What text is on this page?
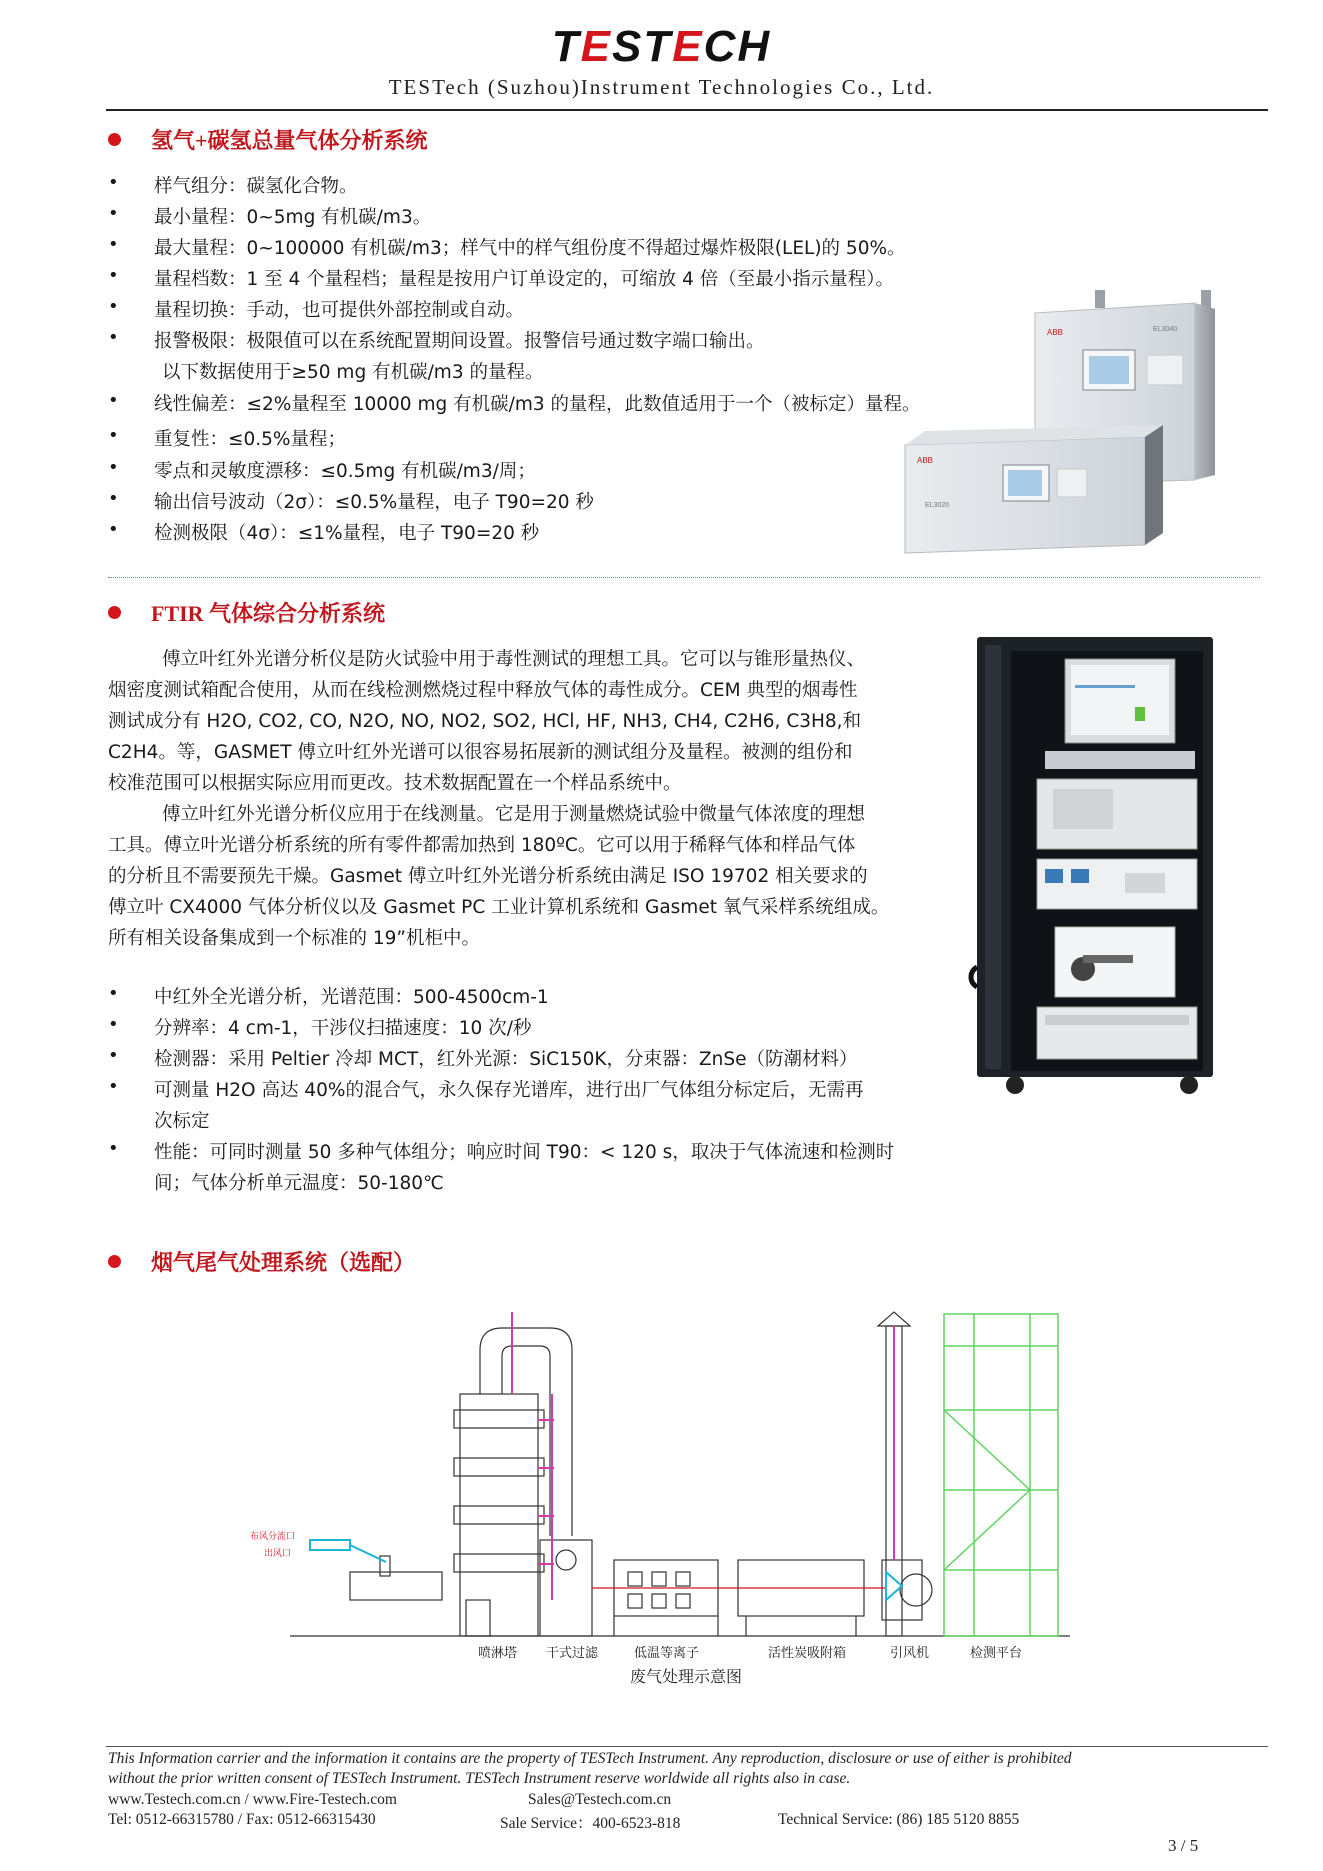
TESTECH
TESTech (Suzhou)Instrument Technologies Co., Ltd.
氢气+碳氢总量气体分析系统
• 样气组分：碳氢化合物。
• 最小量程：0~5mg 有机碳/m3。
• 最大量程：0~100000 有机碳/m3；样气中的样气组份度不得超过爆炸极限(LEL)的 50%。
• 量程档数：1 至 4 个量程档；量程是按用户订单设定的，可缩放 4 倍（至最小指示量程）。
• 量程切换：手动，也可提供外部控制或自动。
• 报警极限：极限值可以在系统配置期间设置。报警信号通过数字端口输出。
以下数据使用于≥50 mg 有机碳/m3 的量程。
• 线性偏差：≤2%量程至 10000 mg 有机碳/m3 的量程，此数值适用于一个（被标定）量程。
• 重复性：≤0.5%量程；
• 零点和灵敏度漂移：≤0.5mg 有机碳/m3/周；
• 输出信号波动（2σ）：≤0.5%量程，电子 T90=20 秒
• 检测极限（4σ）：≤1%量程，电子 T90=20 秒
ABB	EL3040
ABB
EL3020
FTIR 气体综合分析系统
傅立叶红外光谱分析仪是防火试验中用于毒性测试的理想工具。它可以与锥形量热仪、
烟密度测试箱配合使用，从而在线检测燃烧过程中释放气体的毒性成分。CEM 典型的烟毒性
测试成分有 H2O, CO2, CO, N2O, NO, NO2, SO2, HCl, HF, NH3, CH4, C2H6, C3H8,和
C2H4。等，GASMET 傅立叶红外光谱可以很容易拓展新的测试组分及量程。被测的组份和
校准范围可以根据实际应用而更改。技术数据配置在一个样品系统中。
傅立叶红外光谱分析仪应用于在线测量。它是用于测量燃烧试验中微量气体浓度的理想
工具。傅立叶光谱分析系统的所有零件都需加热到 180ºC。它可以用于稀释气体和样品气体
的分析且不需要预先干燥。Gasmet 傅立叶红外光谱分析系统由满足 ISO 19702 相关要求的
傅立叶 CX4000 气体分析仪以及 Gasmet PC 工业计算机系统和 Gasmet 氧气采样系统组成。
所有相关设备集成到一个标准的 19”机柜中。
• 中红外全光谱分析，光谱范围：500-4500cm-1
• 分辨率：4 cm-1，干涉仪扫描速度：10 次/秒
• 检测器：采用 Peltier 冷却 MCT，红外光源：SiC150K，分束器：ZnSe（防潮材料）
• 可测量 H2O 高达 40%的混合气，永久保存光谱库，进行出厂气体组分标定后，无需再
次标定
• 性能：可同时测量 50 多种气体组分；响应时间 T90：< 120 s，取决于气体流速和检测时
间；气体分析单元温度：50-180℃
烟气尾气处理系统（选配）
布风分流口
出风口
喷淋塔 干式过滤	低温等离子	活性炭吸附箱	引风机	检测平台
废气处理示意图
This Information carrier and the information it contains are the property of TESTech Instrument. Any reproduction, disclosure or use of either is prohibited
without the prior written consent of TESTech Instrument. TESTech Instrument reserve worldwide all rights also in case.
www.Testech.com.cn / www.Fire-Testech.com	Sales@Testech.com.cn
Tel: 0512-66315780 / Fax: 0512-66315430	Sale Service：400-6523-818	Technical Service: (86) 185 5120 8855
3 / 5
